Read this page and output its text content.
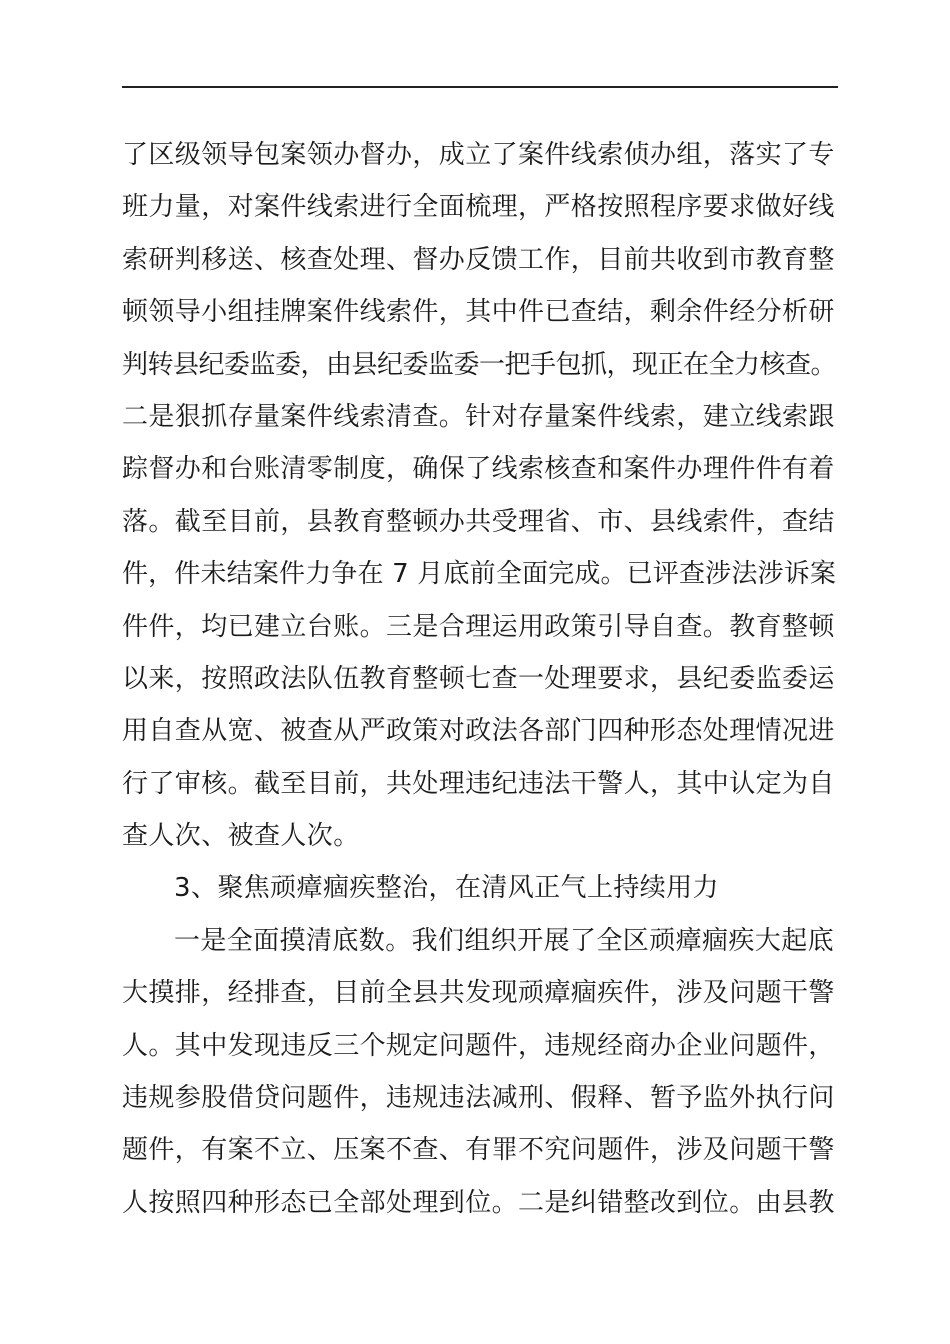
了区级领导包案领办督办，成立了案件线索侦办组，落实了专
班力量，对案件线索进行全面梳理，严格按照程序要求做好线
索研判移送、核查处理、督办反馈工作，目前共收到市教育整
顿领导小组挂牌案件线索件，其中件已查结，剩余件经分析研
判转县纪委监委，由县纪委监委一把手包抓，现正在全力核查。
二是狠抓存量案件线索清查。针对存量案件线索，建立线索跟
踪督办和台账清零制度，确保了线索核查和案件办理件件有着
落。截至目前，县教育整顿办共受理省、市、县线索件，查结
件，件未结案件力争在 7 月底前全面完成。已评查涉法涉诉案
件件，均已建立台账。三是合理运用政策引导自查。教育整顿
以来，按照政法队伍教育整顿七查一处理要求，县纪委监委运
用自查从宽、被查从严政策对政法各部门四种形态处理情况进
行了审核。截至目前，共处理违纪违法干警人，其中认定为自
查人次、被查人次。
3、聚焦顽瘴痼疾整治，在清风正气上持续用力
一是全面摸清底数。我们组织开展了全区顽瘴痼疾大起底
大摸排，经排查，目前全县共发现顽瘴痼疾件，涉及问题干警
人。其中发现违反三个规定问题件，违规经商办企业问题件，
违规参股借贷问题件，违规违法减刑、假释、暂予监外执行问
题件，有案不立、压案不查、有罪不究问题件，涉及问题干警
人按照四种形态已全部处理到位。二是纠错整改到位。由县教
